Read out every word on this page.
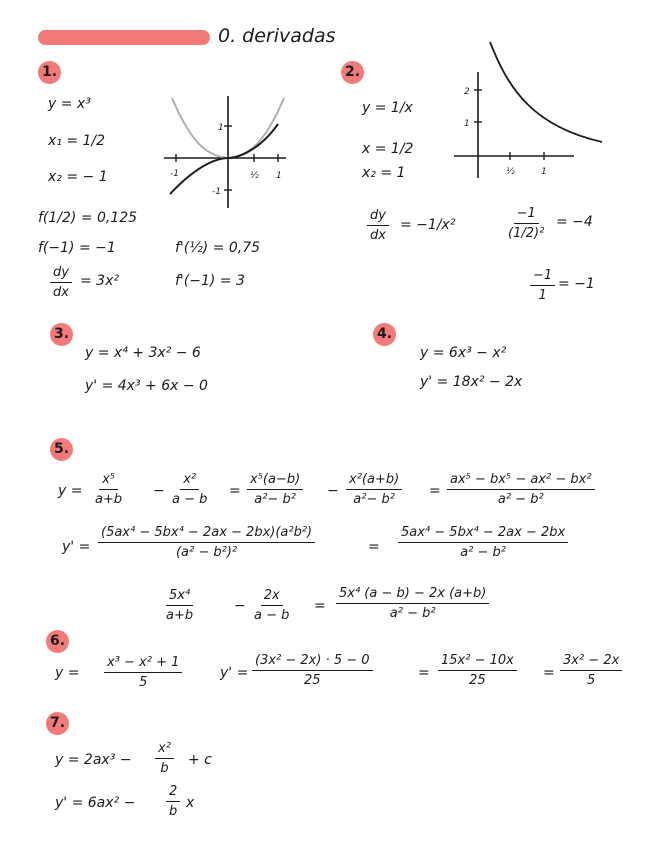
0. derivadas
1.
y = x³
x₁ = 1/2
x₂ = − 1
f(1/2) = 0,125
f(−1) = −1	f'(½) = 0,75
$\frac{dy}{dx} = 3x^2$	f'(−1) = 3
-1	½ 1
1
-1
2.
y = 1/x
x = 1/2
x₂ = 1
$\frac{dy}{dx} = -1/x^2$	$\frac{-1}{\text{(1/2)²}} = -4$
$\frac{-1}{1} = -1$
2
1
½	1
3.
y = x⁴ + 3x² − 6
y' = 4x³ + 6x − 0
4.
y = 6x³ − x²
y' = 18x² − 2x
5.
$y = \frac{\text{x⁵}}{a+b} - \frac{\text{x²}}{a - b} = \frac{\text{x⁵(a−b)}}{\text{a²− b²}} - \frac{\text{x²(a+b)}}{\text{a²− b²}} = \frac{\text{ax⁵ − bx⁵ − ax² − bx²}}{\text{a² − b²}}$
$y' = \frac{\text{(5ax⁴ − 5bx⁴ − 2ax − 2bx)(a²b²)}}{\text{(a² − b²)²}}$	= $\frac{\text{5ax⁴ − 5bx⁴ − 2ax − 2bx}}{\text{a² − b²}}$
$\frac{\text{5x⁴}}{a+b}$	− $\frac{2x}{a - b} = \frac{\text{5x⁴ (a − b) − 2x (a+b)}}{\text{a² − b²}}$
6.
$y = \frac{\text{x³ − x² + 1}}{5}$	$y' = \frac{\text{(3x² − 2x) · 5 − 0}}{25}$	= $\frac{\text{15x² − 10x}}{25} = \frac{\text{3x² − 2x}}{5}$
7.
$y = 2ax^3 - \frac{\text{x²}}{b} + c$
$y' = 6ax^2 - \frac{2}{b}$ x
